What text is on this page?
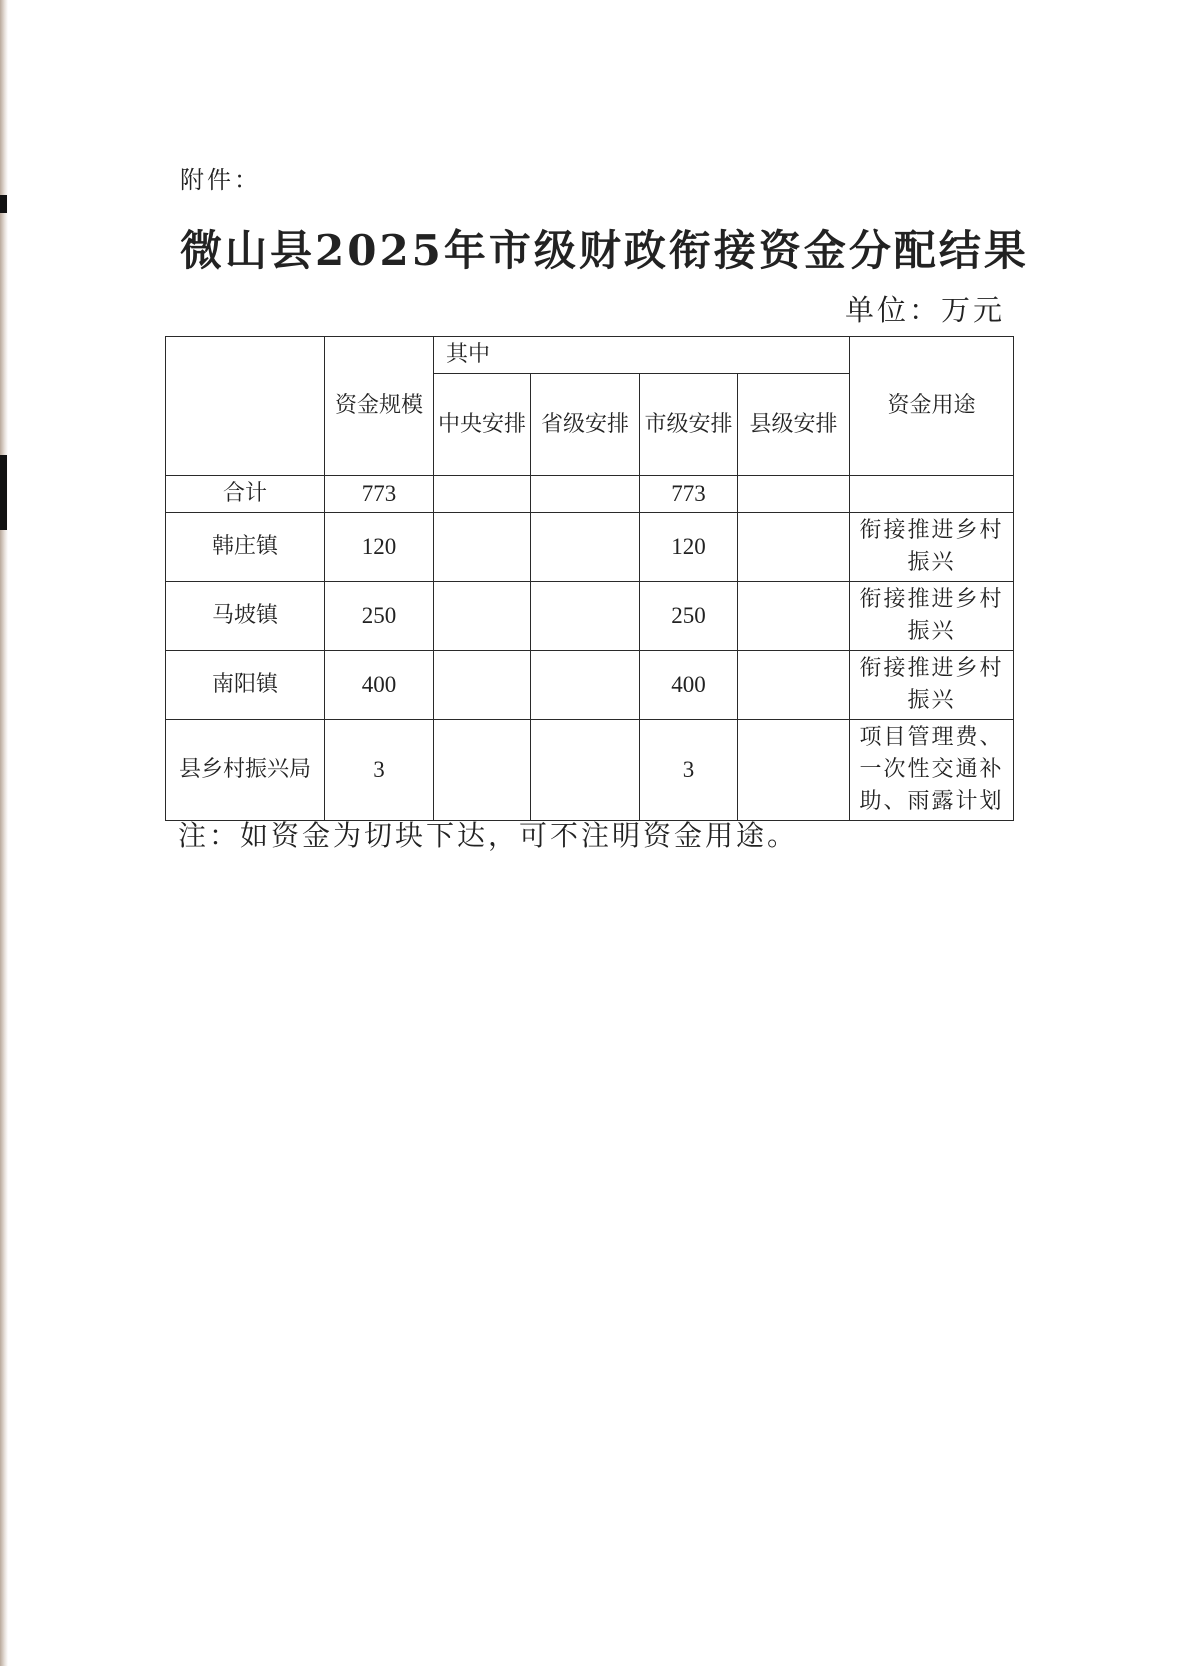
附件：
微山县2025年市级财政衔接资金分配结果
单位：万元
	资金规模	其中				资金用途
		中央安排	省级安排	市级安排	县级安排	
合计	773			773		
韩庄镇	120			120		衔接推进乡村振兴
马坡镇	250			250		衔接推进乡村振兴
南阳镇	400			400		衔接推进乡村振兴
县乡村振兴局	3			3		项目管理费、一次性交通补助、雨露计划
注：如资金为切块下达，可不注明资金用途。
